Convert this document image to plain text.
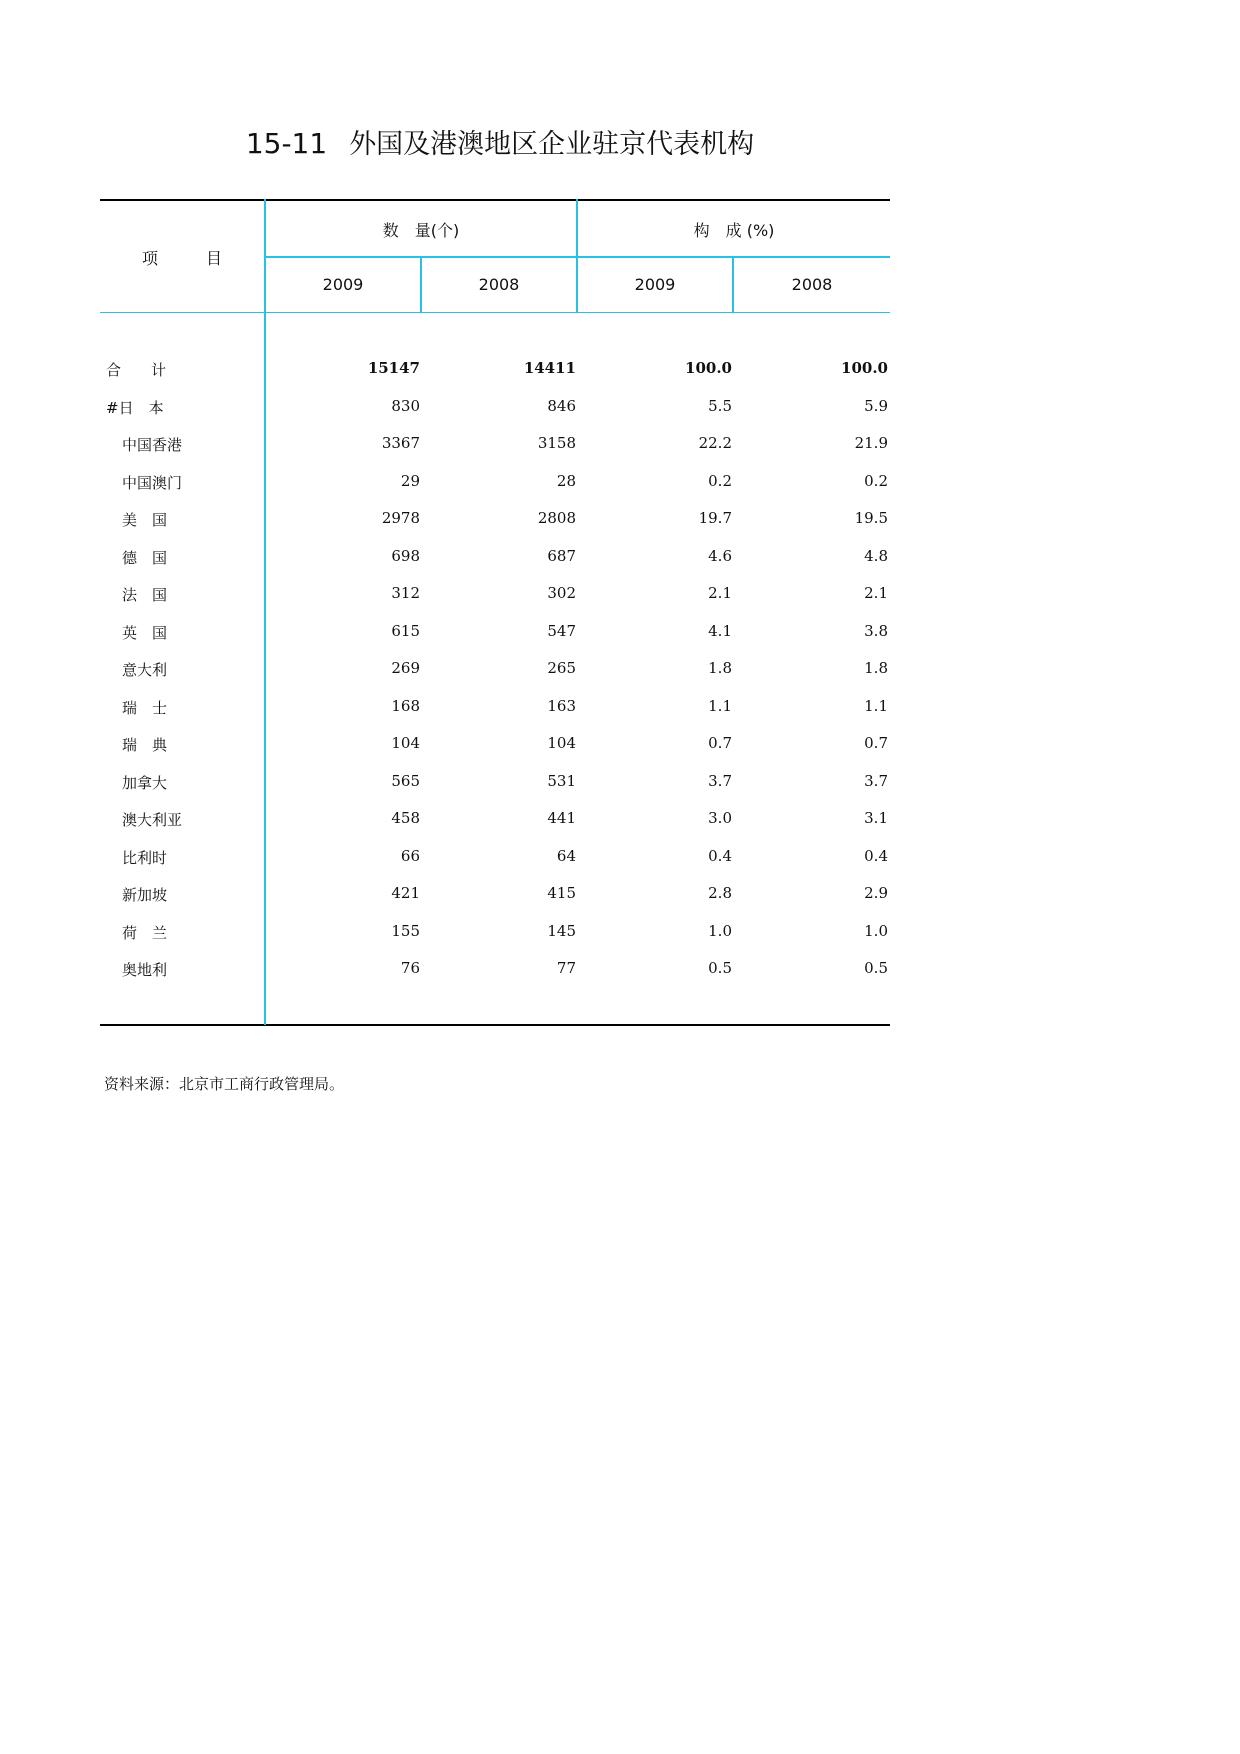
15-11 外国及港澳地区企业驻京代表机构
项　　　目
数　量(个)	构　成 (%)
2009	2008	2009	2008
合　　计	15147	14411	100.0	100.0
#日　本	830	846	5.5	5.9
中国香港	3367	3158	22.2	21.9
中国澳门	29	28	0.2	0.2
美　国	2978	2808	19.7	19.5
德　国	698	687	4.6	4.8
法　国	312	302	2.1	2.1
英　国	615	547	4.1	3.8
意大利	269	265	1.8	1.8
瑞　士	168	163	1.1	1.1
瑞　典	104	104	0.7	0.7
加拿大	565	531	3.7	3.7
澳大利亚	458	441	3.0	3.1
比利时	66	64	0.4	0.4
新加坡	421	415	2.8	2.9
荷　兰	155	145	1.0	1.0
奥地利	76	77	0.5	0.5
资料来源：北京市工商行政管理局。
